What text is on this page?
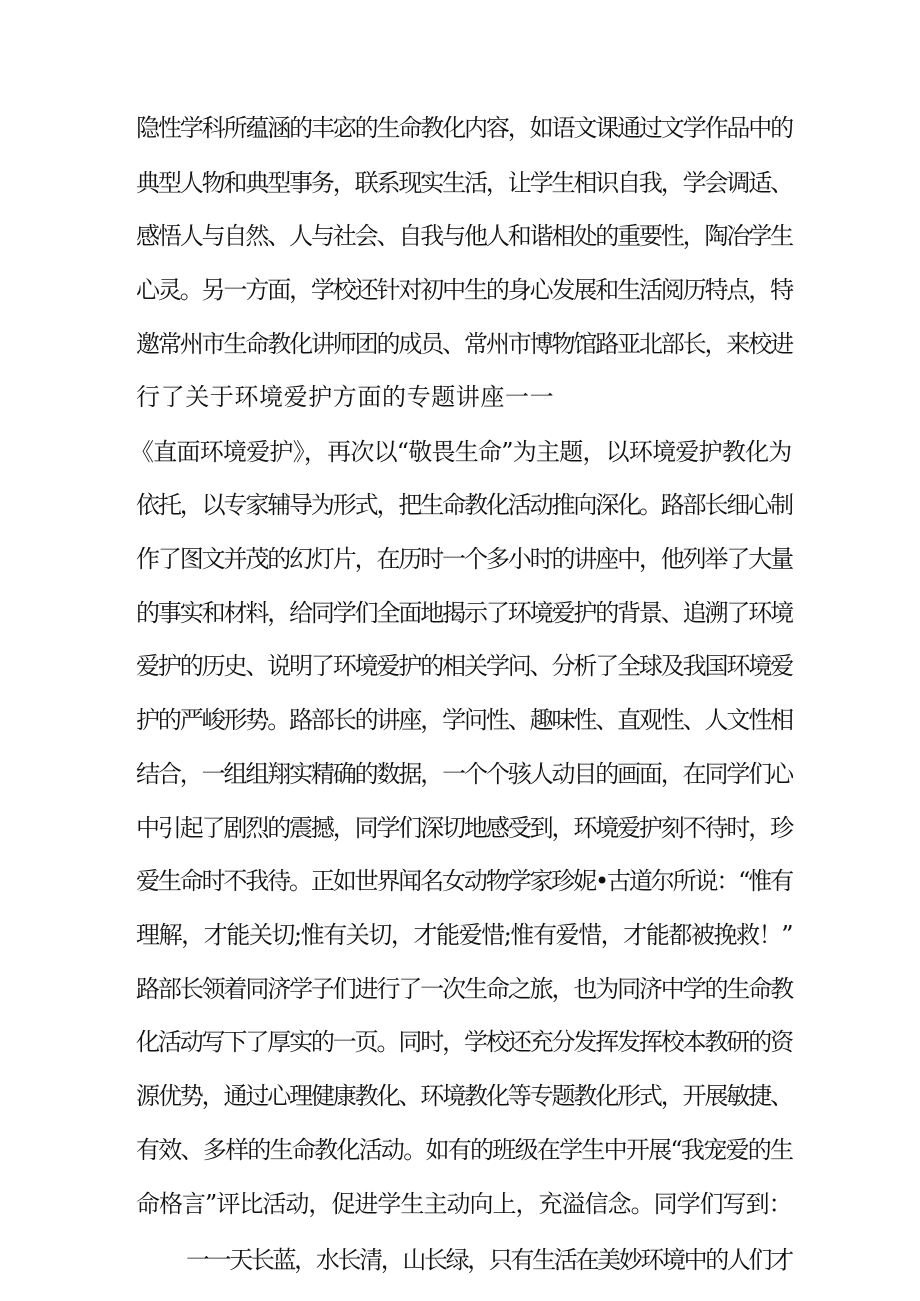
隐性学科所蕴涵的丰宓的生命教化内容，如语文课通过文学作品中的
典型人物和典型事务，联系现实生活，让学生相识自我，学会调适、
感悟人与自然、人与社会、自我与他人和谐相处的重要性，陶冶学生
心灵。另一方面，学校还针对初中生的身心发展和生活阅历特点，特
邀常州市生命教化讲师团的成员、常州市博物馆路亚北部长，来校进
行了关于环境爱护方面的专题讲座一一
《直面环境爱护》，再次以“敬畏生命”为主题，以环境爱护教化为
依托，以专家辅导为形式，把生命教化活动推向深化。路部长细心制
作了图文并茂的幻灯片，在历时一个多小时的讲座中，他列举了大量
的事实和材料，给同学们全面地揭示了环境爱护的背景、追溯了环境
爱护的历史、说明了环境爱护的相关学问、分析了全球及我国环境爱
护的严峻形势。路部长的讲座，学问性、趣味性、直观性、人文性相
结合，一组组翔实精确的数据，一个个骇人动目的画面，在同学们心
中引起了剧烈的震撼，同学们深切地感受到，环境爱护刻不待时，珍
爱生命时不我待。正如世界闻名女动物学家珍妮•古道尔所说：“惟有
理解，才能关切;惟有关切，才能爱惜;惟有爱惜，才能都被挽救！”
路部长领着同济学子们进行了一次生命之旅，也为同济中学的生命教
化活动写下了厚实的一页。同时，学校还充分发挥发挥校本教研的资
源优势，通过心理健康教化、环境教化等专题教化形式，开展敏捷、
有效、多样的生命教化活动。如有的班级在学生中开展“我宠爱的生
命格言”评比活动，促进学生主动向上，充溢信念。同学们写到：
一一天长蓝，水长清，山长绿，只有生活在美妙环境中的人们才
